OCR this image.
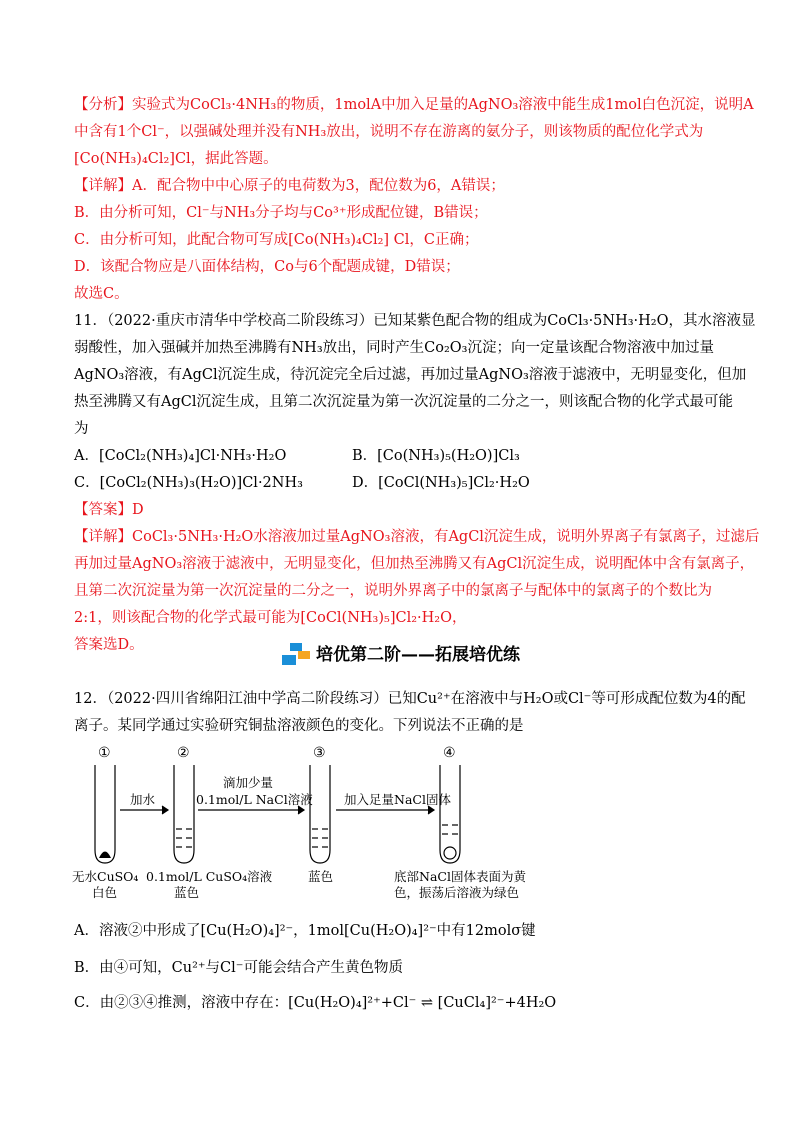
【分析】实验式为CoCl₃·4NH₃的物质，1molA中加入足量的AgNO₃溶液中能生成1mol白色沉淀，说明A
中含有1个Cl⁻，以强碱处理并没有NH₃放出，说明不存在游离的氨分子，则该物质的配位化学式为
[Co(NH₃)₄Cl₂]Cl，据此答题。
【详解】A．配合物中中心原子的电荷数为3，配位数为6，A错误；
B．由分析可知，Cl⁻与NH₃分子均与Co³⁺形成配位键，B错误；
C．由分析可知，此配合物可写成[Co(NH₃)₄Cl₂] Cl，C正确；
D．该配合物应是八面体结构，Co与6个配题成键，D错误；
故选C。
11．（2022·重庆市清华中学校高二阶段练习）已知某紫色配合物的组成为CoCl₃·5NH₃·H₂O，其水溶液显
弱酸性，加入强碱并加热至沸腾有NH₃放出，同时产生Co₂O₃沉淀；向一定量该配合物溶液中加过量
AgNO₃溶液，有AgCl沉淀生成，待沉淀完全后过滤，再加过量AgNO₃溶液于滤液中，无明显变化，但加
热至沸腾又有AgCl沉淀生成，且第二次沉淀量为第一次沉淀量的二分之一，则该配合物的化学式最可能
为
A．[CoCl₂(NH₃)₄]Cl·NH₃·H₂O	B．[Co(NH₃)₅(H₂O)]Cl₃
C．[CoCl₂(NH₃)₃(H₂O)]Cl·2NH₃	D．[CoCl(NH₃)₅]Cl₂·H₂O
【答案】D
【详解】CoCl₃·5NH₃·H₂O水溶液加过量AgNO₃溶液，有AgCl沉淀生成，说明外界离子有氯离子，过滤后
再加过量AgNO₃溶液于滤液中，无明显变化，但加热至沸腾又有AgCl沉淀生成，说明配体中含有氯离子，
且第二次沉淀量为第一次沉淀量的二分之一，说明外界离子中的氯离子与配体中的氯离子的个数比为
2:1，则该配合物的化学式最可能为[CoCl(NH₃)₅]Cl₂·H₂O，
答案选D。	培优第二阶——拓展培优练
12．（2022·四川省绵阳江油中学高二阶段练习）已知Cu²⁺在溶液中与H₂O或Cl⁻等可形成配位数为4的配
离子。某同学通过实验研究铜盐溶液颜色的变化。下列说法不正确的是
①	②	③	④
加水
滴加少量
0.1mol/L NaCl溶液	加入足量NaCl固体
无水CuSO₄
白色
0.1mol/L CuSO₄溶液
蓝色
蓝色	底部NaCl固体表面为黄
色，振荡后溶液为绿色
A．溶液②中形成了[Cu(H₂O)₄]²⁻，1mol[Cu(H₂O)₄]²⁻中有12molσ键
B．由④可知，Cu²⁺与Cl⁻可能会结合产生黄色物质
C．由②③④推测，溶液中存在：[Cu(H₂O)₄]²⁺+Cl⁻ ⇌ [CuCl₄]²⁻+4H₂O
